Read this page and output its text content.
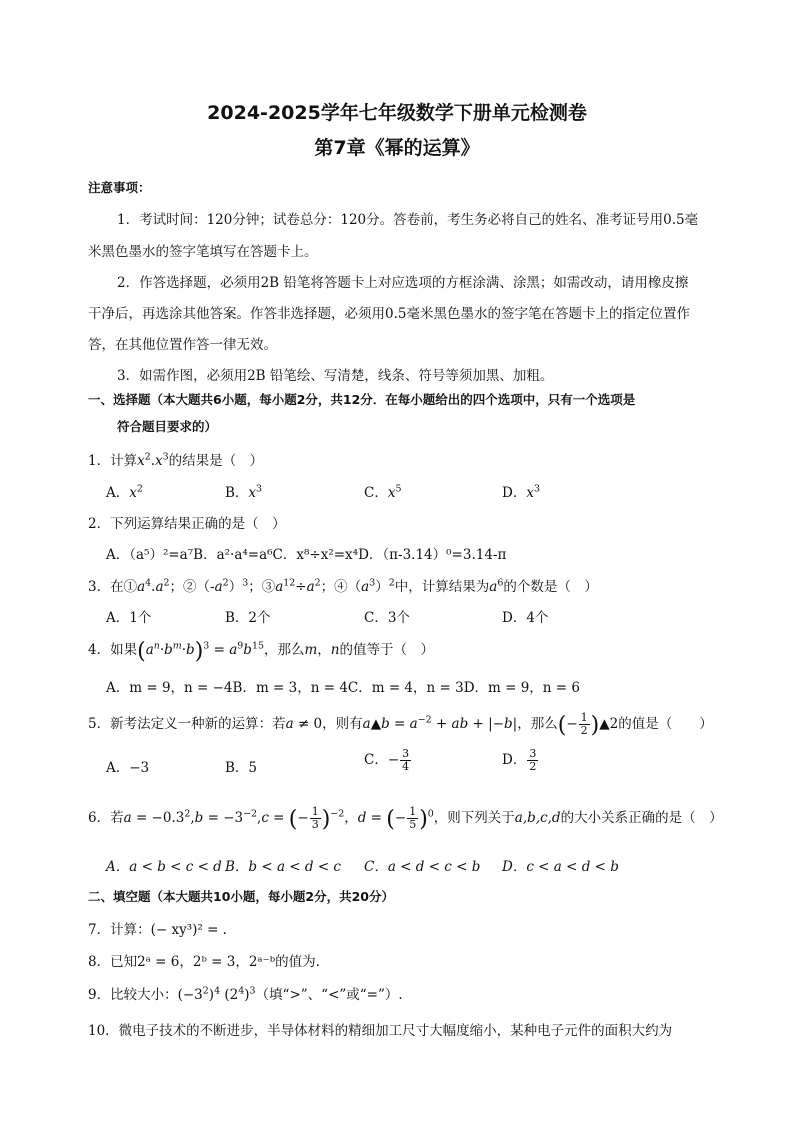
2024-2025学年七年级数学下册单元检测卷
第7章《幂的运算》
注意事项：
1．考试时间：120分钟；试卷总分：120分。答卷前，考生务必将自己的姓名、准考证号用0.5毫
米黑色墨水的签字笔填写在答题卡上。
2．作答选择题，必须用2B 铅笔将答题卡上对应选项的方框涂满、涂黑；如需改动，请用橡皮擦
干净后，再选涂其他答案。作答非选择题，必须用0.5毫米黑色墨水的签字笔在答题卡上的指定位置作
答，在其他位置作答一律无效。
3．如需作图，必须用2B 铅笔绘、写清楚，线条、符号等须加黑、加粗。
一、选择题（本大题共6小题，每小题2分，共12分．在每小题给出的四个选项中，只有一个选项是
符合题目要求的）
1．计算$x^2.x^3$的结果是（　）
A．$x^2$	B．$x^3$	C．$x^5$	D．$x^3$
2．下列运算结果正确的是（　）
A．（a⁵）²=a⁷B．a²·a⁴=a⁶C．x⁸÷x²=x⁴D．（π-3.14）⁰=3.14-π
3．在$①a^4.a^2$；$②(-a^2)^3$；$③a^{12}\div a^2$；$④(a^3)^2$中，计算结果为$a^6$的个数是（　）
A．1个	B．2个	C．3个	D．4个
4．如果$(a^n\cdot b^m\cdot b)^3 = a^9b^{15}$，那么m，n的值等于（　）
A．m = 9，n = −4B．m = 3，n = 4C．m = 4，n = 3D．m = 9，n = 6
5．新考法定义一种新的运算：若a ≠ 0，则有a▲b = $a^{-2}$ + ab + |−b|，那么(− $\frac{1}{2}$ )▲2的值是（　　）
A．−3	B．5	C．− $\frac{3}{4}$	D． $\frac{3}{2}$
6．若$a = -0.3^2,b = -3^{-2},c$ = (− $\frac{1}{3} )^{-2}$，d = (− $\frac{1}{5} )^0$，则下列关于a,b,c,d的大小关系正确的是（　）
A．a < b < c < d B．b < a < d < c C．a < d < c < b D．c < a < d < b
二、填空题（本大题共10小题，每小题2分，共20分）
7．计算：(− xy³)² = .
8．已知2ᵃ = 6，2ᵇ = 3，2ᵃ⁻ᵇ的值为.
9．比较大小：$(-3^2)^4$ $(2^4)^3$（填“>”、“<”或“=”）.
10．微电子技术的不断进步，半导体材料的精细加工尺寸大幅度缩小，某种电子元件的面积大约为
